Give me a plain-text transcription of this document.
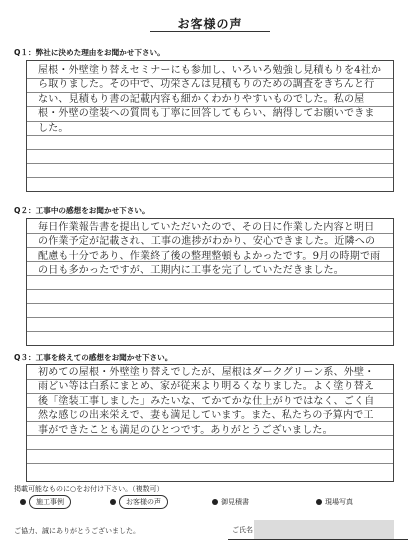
お客様の声
Q１：弊社に決めた理由をお聞かせ下さい。
屋根・外壁塗り替えセミナーにも参加し、いろいろ勉強し見積もりを4社から取りました。その中で、功栄さんは見積もりのための調査をきちんと行ない、見積もり書の記載内容も細かくわかりやすいものでした。私の屋根・外壁の塗装への質問も丁寧に回答してもらい、納得してお願いできました。
Q２：工事中の感想をお聞かせ下さい。
毎日作業報告書を提出していただいたので、その日に作業した内容と明日の作業予定が記載され、工事の進捗がわかり、安心できました。近隣への配慮も十分であり、作業終了後の整理整頓もよかったです。9月の時期で雨の日も多かったですが、工期内に工事を完了していただきました。
Q３：工事を終えての感想をお聞かせ下さい。
初めての屋根・外壁塗り替えでしたが、屋根はダークグリーン系、外壁・雨どい等は白系にまとめ、家が従来より明るくなりました。よく塗り替え後「塗装工事しました」みたいな、てかてかな仕上がりではなく、ごく自然な感じの出来栄えで、妻も満足しています。また、私たちの予算内で工事ができたことも満足のひとつです。ありがとうございました。
掲載可能なものに○をお付け下さい。（複数可）
施工事例	お客様の声	御見積書	現場写真
ご協力、誠にありがとうございました。	ご氏名
